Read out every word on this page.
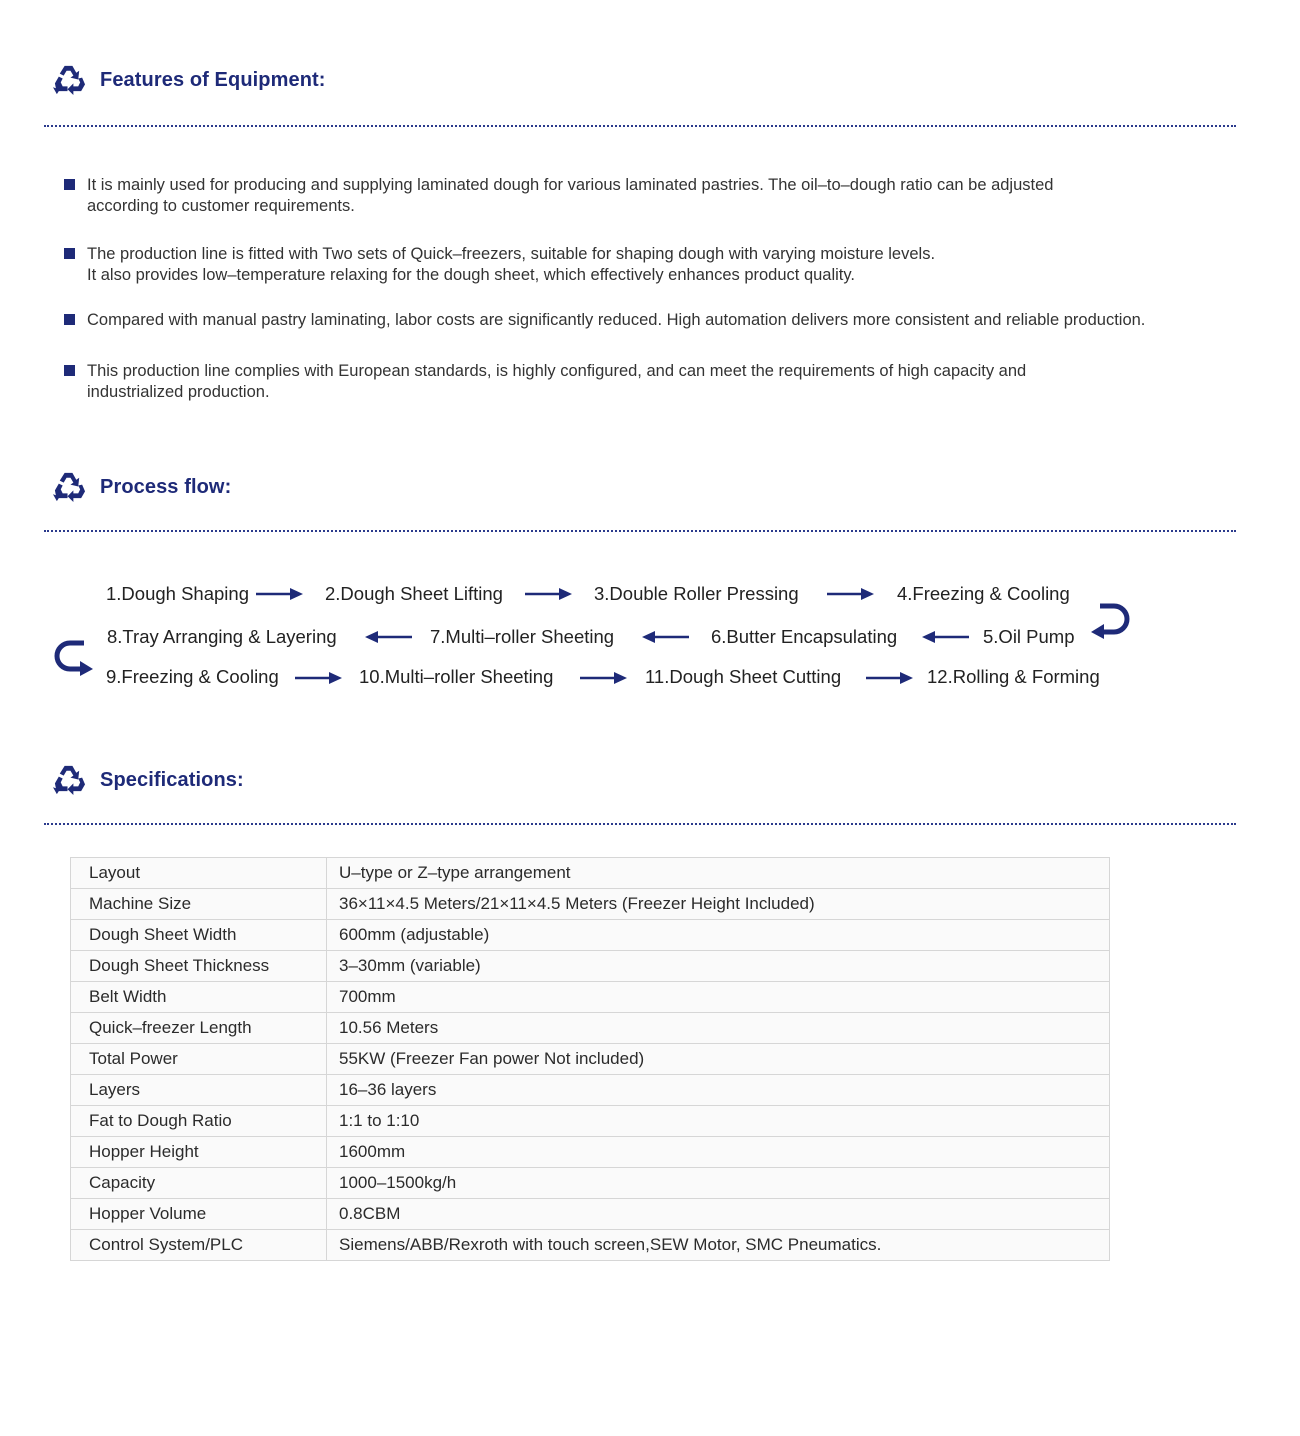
Features of Equipment:
It is mainly used for producing and supplying laminated dough for various laminated pastries. The oil–to–dough ratio can be adjusted
according to customer requirements.
The production line is fitted with Two sets of Quick–freezers, suitable for shaping dough with varying moisture levels.
It also provides low–temperature relaxing for the dough sheet, which effectively enhances product quality.
Compared with manual pastry laminating, labor costs are significantly reduced. High automation delivers more consistent and reliable production.
This production line complies with European standards, is highly configured, and can meet the requirements of high capacity and
industrialized production.
Process flow:
1.Dough Shaping	2.Dough Sheet Lifting	3.Double Roller Pressing	4.Freezing & Cooling
8.Tray Arranging & Layering	7.Multi–roller Sheeting	6.Butter Encapsulating	5.Oil Pump
9.Freezing & Cooling	10.Multi–roller Sheeting	11.Dough Sheet Cutting	12.Rolling & Forming
Specifications:
Layout	U–type or Z–type arrangement
Machine Size	36×11×4.5 Meters/21×11×4.5 Meters (Freezer Height Included)
Dough Sheet Width	600mm (adjustable)
Dough Sheet Thickness	3–30mm (variable)
Belt Width	700mm
Quick–freezer Length	10.56 Meters
Total Power	55KW (Freezer Fan power Not included)
Layers	16–36 layers
Fat to Dough Ratio	1:1 to 1:10
Hopper Height	1600mm
Capacity	1000–1500kg/h
Hopper Volume	0.8CBM
Control System/PLC	Siemens/ABB/Rexroth with touch screen,SEW Motor, SMC Pneumatics.
